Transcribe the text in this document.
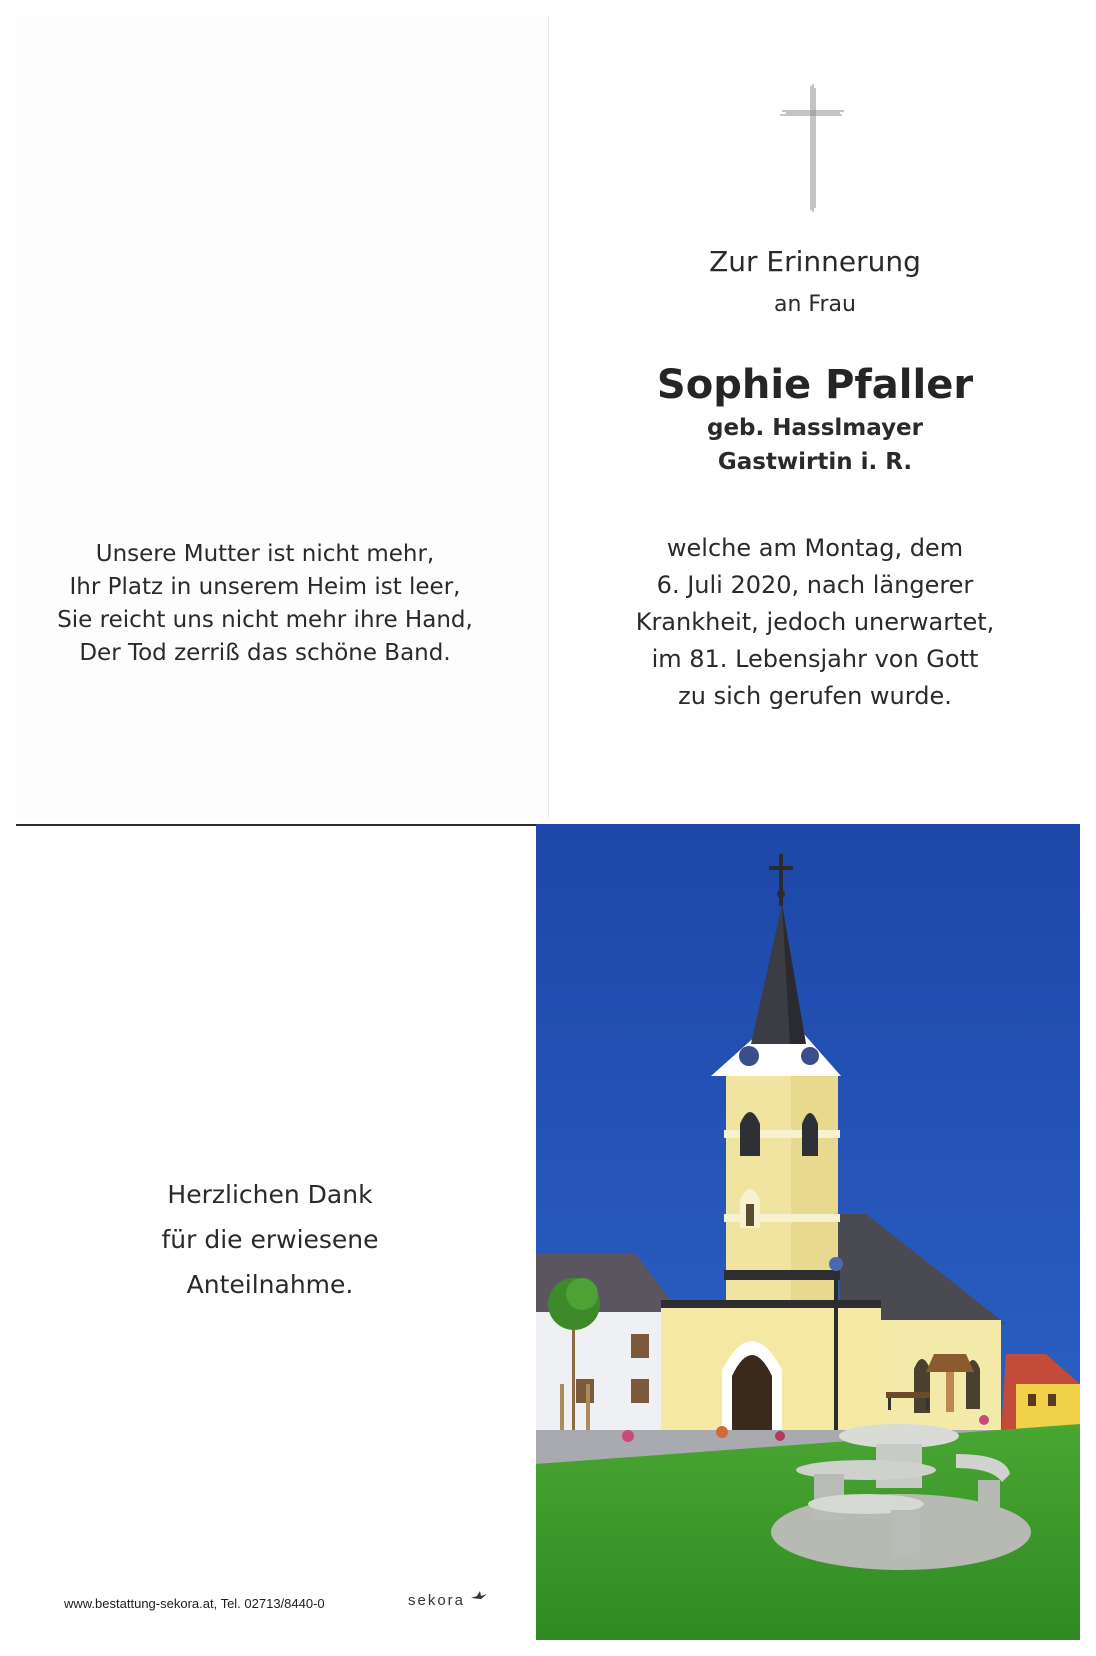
Unsere Mutter ist nicht mehr,
Ihr Platz in unserem Heim ist leer,
Sie reicht uns nicht mehr ihre Hand,
Der Tod zerriß das schöne Band.
Zur Erinnerung
an Frau
Sophie Pfaller
geb. Hasslmayer
Gastwirtin i. R.
welche am Montag, dem
6. Juli 2020, nach längerer
Krankheit, jedoch unerwartet,
im 81. Lebensjahr von Gott
zu sich gerufen wurde.
Herzlichen Dank
für die erwiesene
Anteilnahme.
www.bestattung-sekora.at, Tel. 02713/8440-0	sekora
